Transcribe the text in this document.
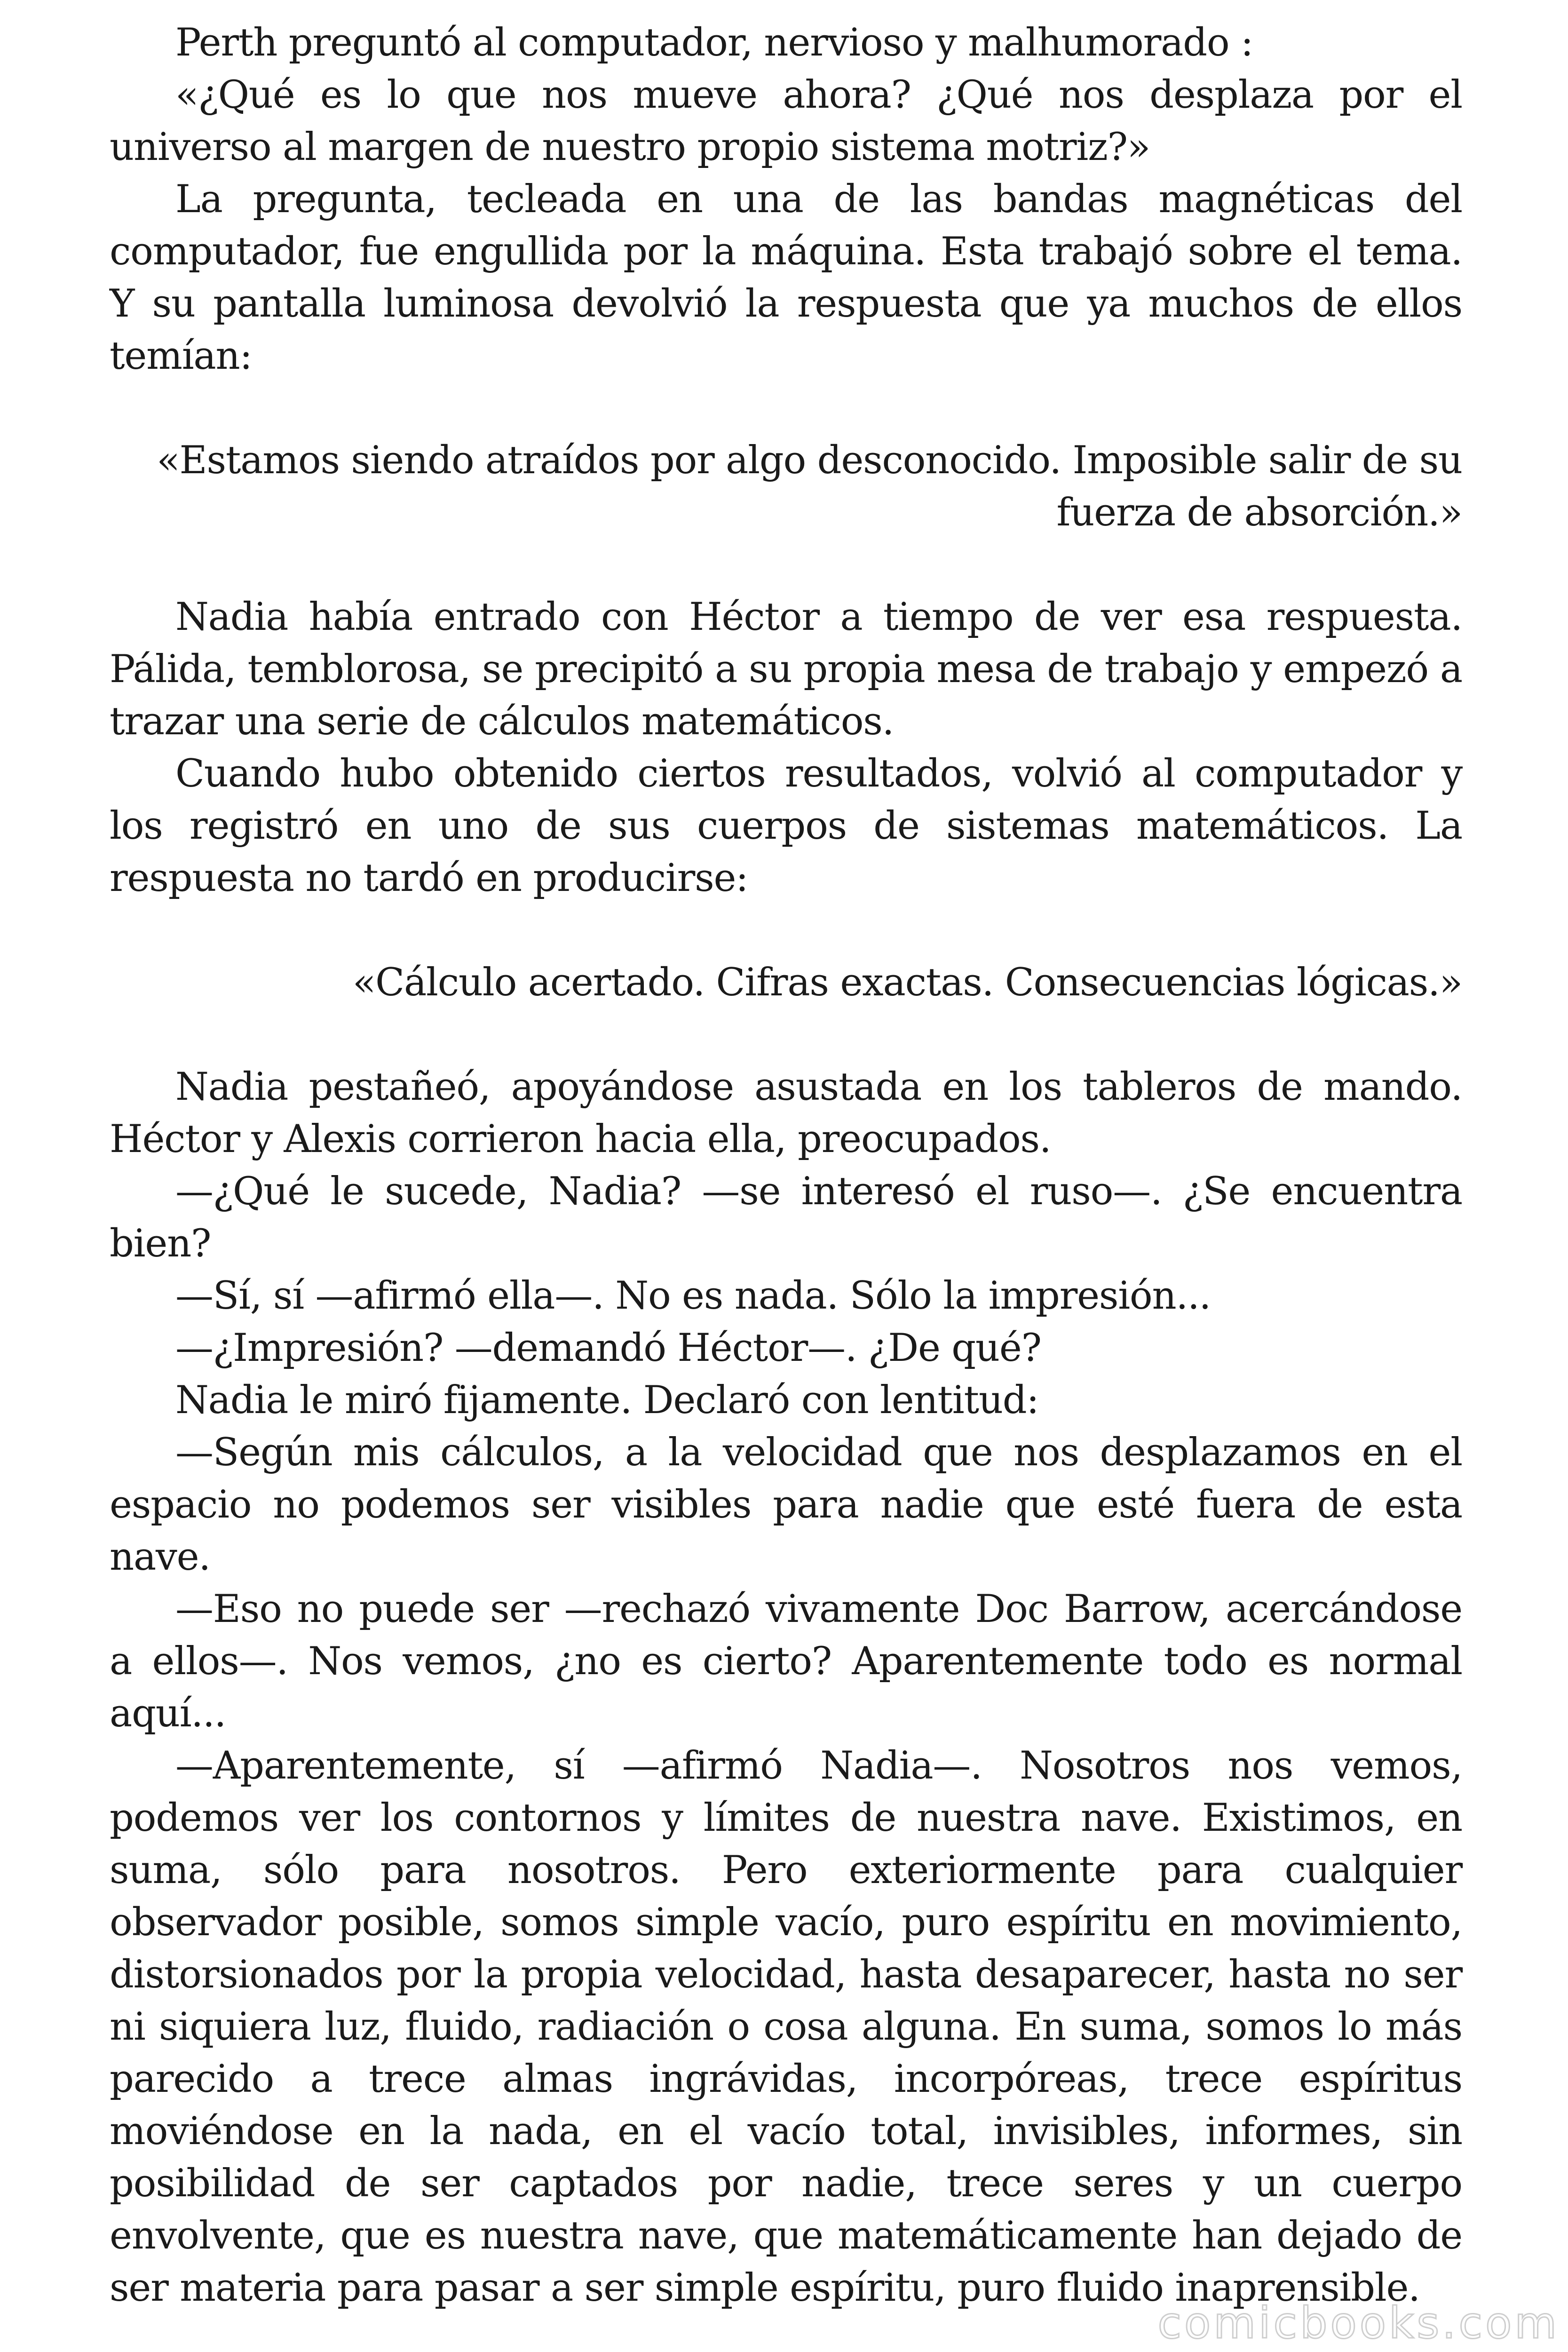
Perth preguntó al computador, nervioso y malhumorado :

«¿Qué es lo que nos mueve ahora? ¿Qué nos desplaza por el universo al margen de nuestro propio sistema motriz?»

La pregunta, tecleada en una de las bandas magnéticas del computador, fue engullida por la máquina. Esta trabajó sobre el tema. Y su pantalla luminosa devolvió la respuesta que ya muchos de ellos temían:

«Estamos siendo atraídos por algo desconocido. Imposible salir de su fuerza de absorción.»

Nadia había entrado con Héctor a tiempo de ver esa respuesta. Pálida, temblorosa, se precipitó a su propia mesa de trabajo y empezó a trazar una serie de cálculos matemáticos.

Cuando hubo obtenido ciertos resultados, volvió al computador y los registró en uno de sus cuerpos de sistemas matemáticos. La respuesta no tardó en producirse:

«Cálculo acertado. Cifras exactas. Consecuencias lógicas.»

Nadia pestañeó, apoyándose asustada en los tableros de mando. Héctor y Alexis corrieron hacia ella, preocupados.

—¿Qué le sucede, Nadia? —se interesó el ruso—. ¿Se encuentra bien?

—Sí, sí —afirmó ella—. No es nada. Sólo la impresión...

—¿Impresión? —demandó Héctor—. ¿De qué?

Nadia le miró fijamente. Declaró con lentitud:

—Según mis cálculos, a la velocidad que nos desplazamos en el espacio no podemos ser visibles para nadie que esté fuera de esta nave.

—Eso no puede ser —rechazó vivamente Doc Barrow, acercándose a ellos—. Nos vemos, ¿no es cierto? Aparentemente todo es normal aquí...

—Aparentemente, sí —afirmó Nadia—. Nosotros nos vemos, podemos ver los contornos y límites de nuestra nave. Existimos, en suma, sólo para nosotros. Pero exteriormente para cualquier observador posible, somos simple vacío, puro espíritu en movimiento, distorsionados por la propia velocidad, hasta desaparecer, hasta no ser ni siquiera luz, fluido, radiación o cosa alguna. En suma, somos lo más parecido a trece almas ingrávidas, incorpóreas, trece espíritus moviéndose en la nada, en el vacío total, invisibles, informes, sin posibilidad de ser captados por nadie, trece seres y un cuerpo envolvente, que es nuestra nave, que matemáticamente han dejado de ser materia para pasar a ser simple espíritu, puro fluido inaprensible.

comicbooks.com
